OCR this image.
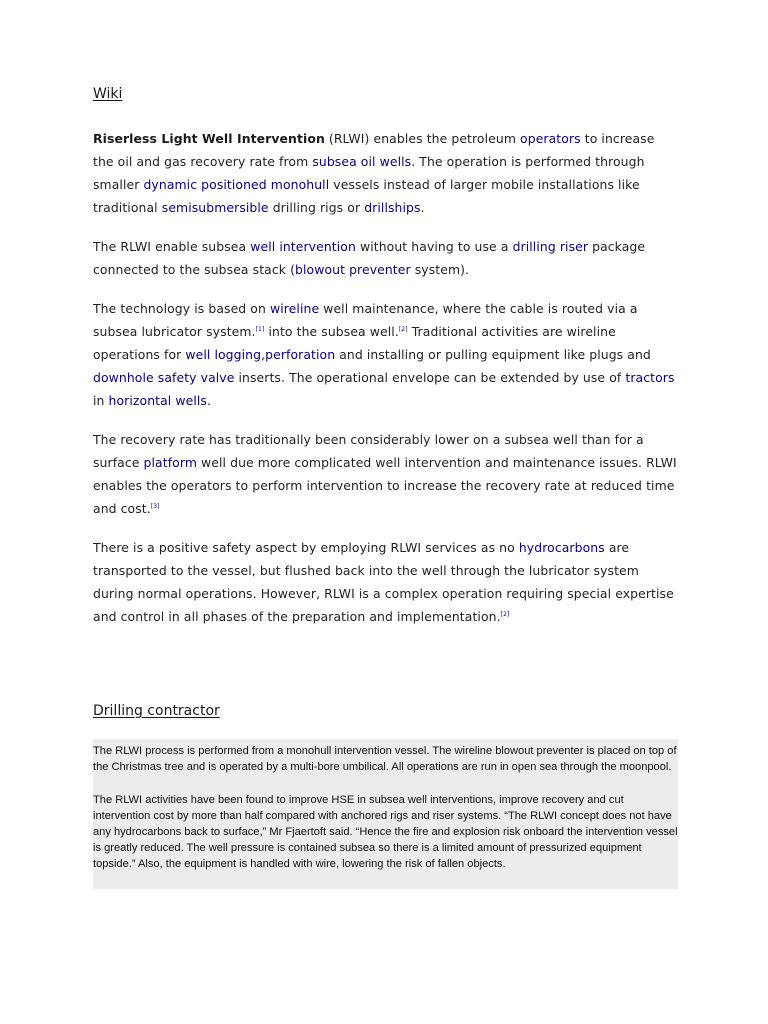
Wiki

Riserless Light Well Intervention (RLWI) enables the petroleum operators to increase the oil and gas recovery rate from subsea oil wells. The operation is performed through smaller dynamic positioned monohull vessels instead of larger mobile installations like traditional semisubmersible drilling rigs or drillships.

The RLWI enable subsea well intervention without having to use a drilling riser package connected to the subsea stack (blowout preventer system).

The technology is based on wireline well maintenance, where the cable is routed via a subsea lubricator system.[1] into the subsea well.[2] Traditional activities are wireline operations for well logging,perforation and installing or pulling equipment like plugs and downhole safety valve inserts. The operational envelope can be extended by use of tractors in horizontal wells.

The recovery rate has traditionally been considerably lower on a subsea well than for a surface platform well due more complicated well intervention and maintenance issues. RLWI enables the operators to perform intervention to increase the recovery rate at reduced time and cost.[3]

There is a positive safety aspect by employing RLWI services as no hydrocarbons are transported to the vessel, but flushed back into the well through the lubricator system during normal operations. However, RLWI is a complex operation requiring special expertise and control in all phases of the preparation and implementation.[2]

Drilling contractor

The RLWI process is performed from a monohull intervention vessel. The wireline blowout preventer is placed on top of the Christmas tree and is operated by a multi-bore umbilical. All operations are run in open sea through the moonpool.

The RLWI activities have been found to improve HSE in subsea well interventions, improve recovery and cut intervention cost by more than half compared with anchored rigs and riser systems. “The RLWI concept does not have any hydrocarbons back to surface,” Mr Fjaertoft said. “Hence the fire and explosion risk onboard the intervention vessel is greatly reduced. The well pressure is contained subsea so there is a limited amount of pressurized equipment topside.” Also, the equipment is handled with wire, lowering the risk of fallen objects.
